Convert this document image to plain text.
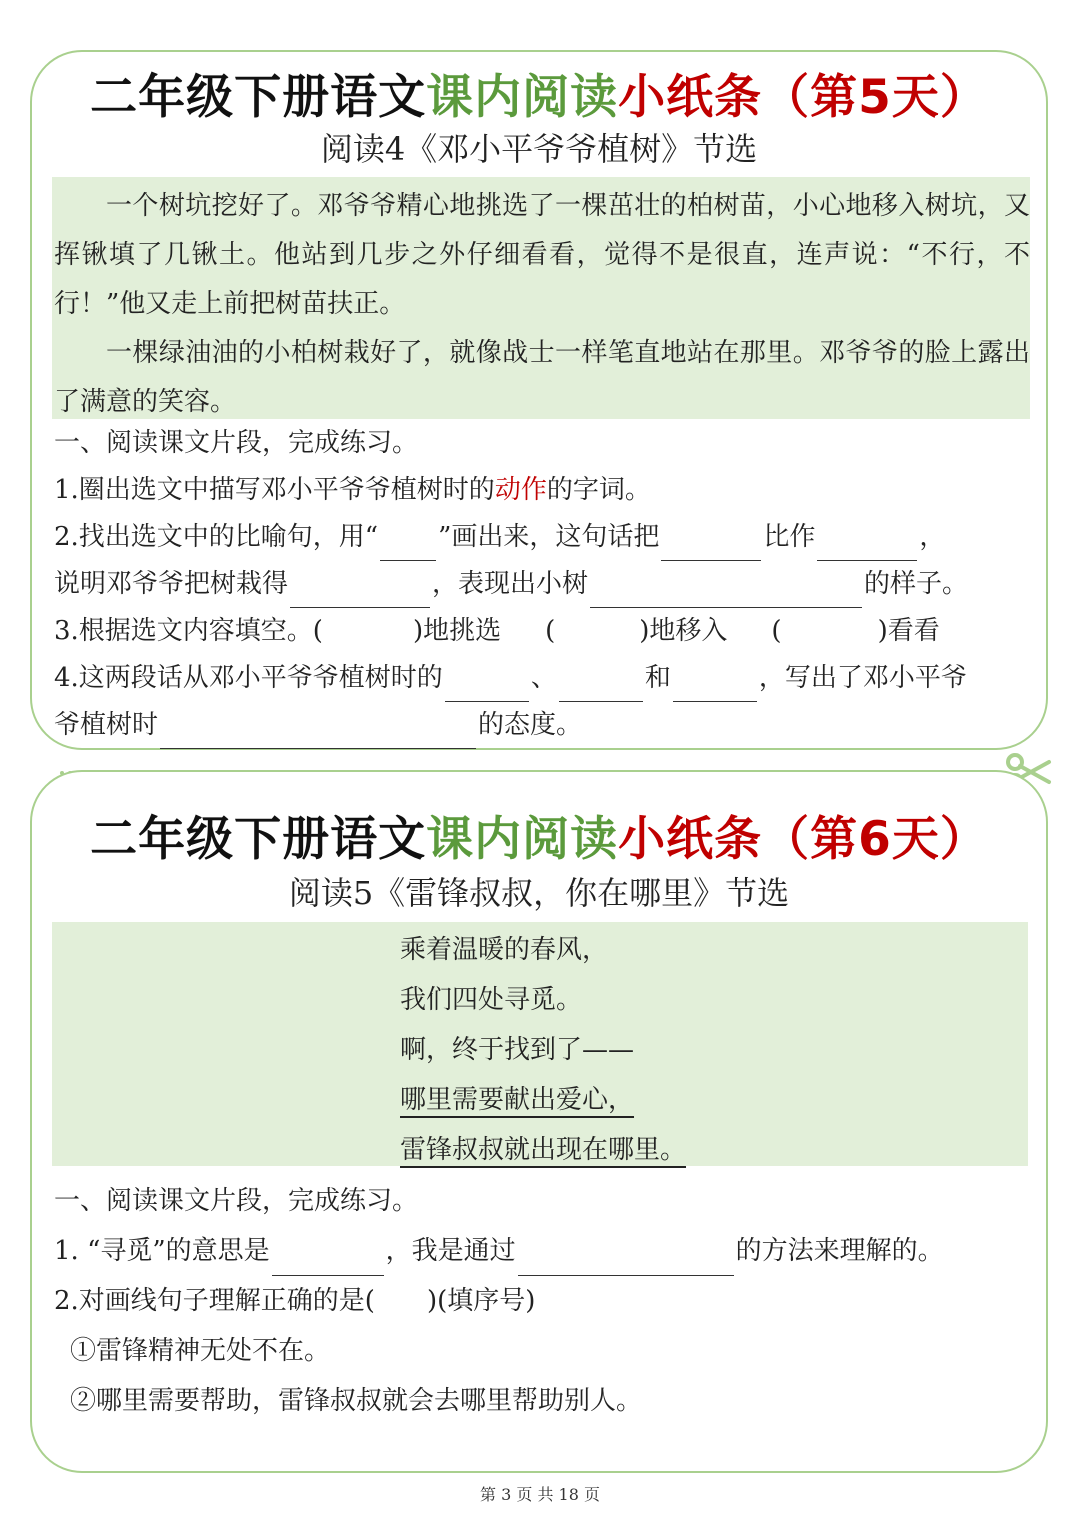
二年级下册语文课内阅读小纸条（第5天）
阅读4《邓小平爷爷植树》节选

一个树坑挖好了。邓爷爷精心地挑选了一棵茁壮的柏树苗，小心地移入树坑，又挥锹填了几锹土。他站到几步之外仔细看看，觉得不是很直，连声说：“不行，不行！”他又走上前把树苗扶正。

一棵绿油油的小柏树栽好了，就像战士一样笔直地站在那里。邓爷爷的脸上露出了满意的笑容。

一、阅读课文片段，完成练习。
1.圈出选文中描写邓小平爷爷植树时的动作的字词。
2.找出选文中的比喻句，用“ ”画出来，这句话把	比作	，
说明邓爷爷把树栽得	，表现出小树	的样子。
3.根据选文内容填空。(	)地挑选 (	)地移入 (	)看看
4.这两段话从邓小平爷爷植树时的	、	和	，写出了邓小平爷
爷植树时	的态度。
二年级下册语文课内阅读小纸条（第6天）
阅读5《雷锋叔叔，你在哪里》节选
乘着温暖的春风，
我们四处寻觅。
啊，终于找到了——
哪里需要献出爱心，
雷锋叔叔就出现在哪里。
一、阅读课文片段，完成练习。
1. “寻觅”的意思是	，我是通过	的方法来理解的。
2.对画线句子理解正确的是(　　)(填序号)
①雷锋精神无处不在。
②哪里需要帮助，雷锋叔叔就会去哪里帮助别人。
第 3 页 共 18 页
